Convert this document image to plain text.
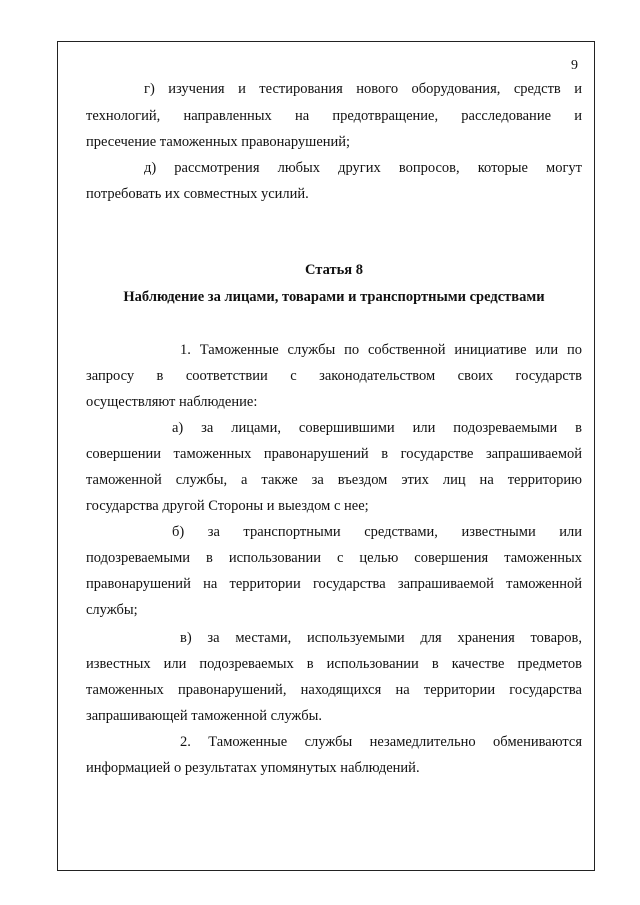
9
г) изучения и тестирования нового оборудования, средств и
технологий, направленных на предотвращение, расследование и
пресечение таможенных правонарушений;
д) рассмотрения любых других вопросов, которые могут
потребовать их совместных усилий.
Статья 8
Наблюдение за лицами, товарами и транспортными средствами
1. Таможенные службы по собственной инициативе или по
запросу в соответствии с законодательством своих государств
осуществляют наблюдение:
а) за лицами, совершившими или подозреваемыми в
совершении таможенных правонарушений в государстве запрашиваемой
таможенной службы, а также за въездом этих лиц на территорию
государства другой Стороны и выездом с нее;
б) за транспортными средствами, известными или
подозреваемыми в использовании с целью совершения таможенных
правонарушений на территории государства запрашиваемой таможенной
службы;
в) за местами, используемыми для хранения товаров,
известных или подозреваемых в использовании в качестве предметов
таможенных правонарушений, находящихся на территории государства
запрашивающей таможенной службы.
2. Таможенные службы незамедлительно обмениваются
информацией о результатах упомянутых наблюдений.
